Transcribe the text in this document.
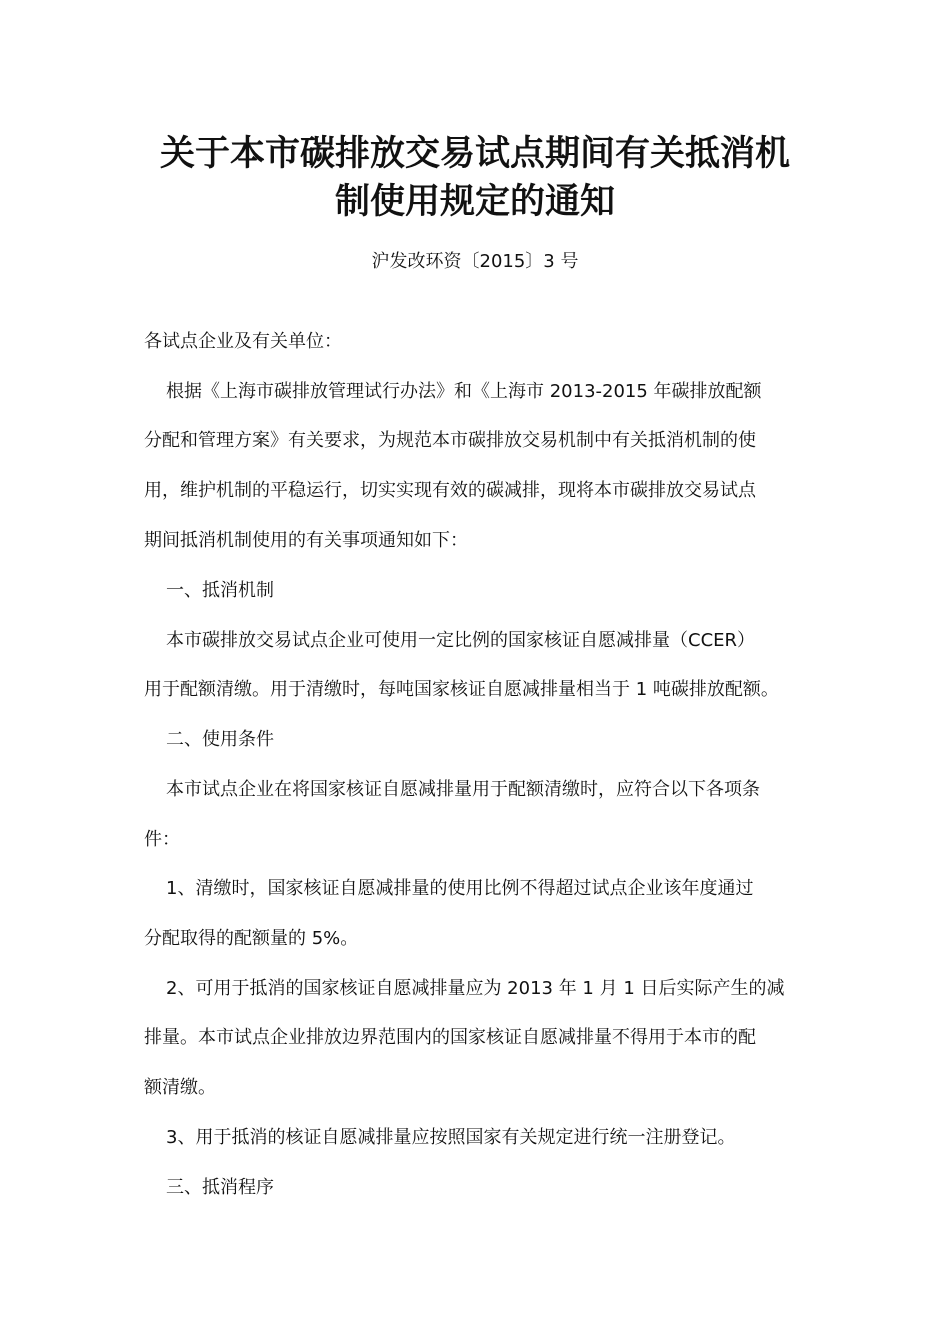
关于本市碳排放交易试点期间有关抵消机
制使用规定的通知
沪发改环资〔2015〕3 号
各试点企业及有关单位：
根据《上海市碳排放管理试行办法》和《上海市 2013-2015 年碳排放配额
分配和管理方案》有关要求，为规范本市碳排放交易机制中有关抵消机制的使
用，维护机制的平稳运行，切实实现有效的碳减排，现将本市碳排放交易试点
期间抵消机制使用的有关事项通知如下：
一、抵消机制
本市碳排放交易试点企业可使用一定比例的国家核证自愿减排量（CCER）
用于配额清缴。用于清缴时，每吨国家核证自愿减排量相当于 1 吨碳排放配额。
二、使用条件
本市试点企业在将国家核证自愿减排量用于配额清缴时，应符合以下各项条
件：
1、清缴时，国家核证自愿减排量的使用比例不得超过试点企业该年度通过
分配取得的配额量的 5%。
2、可用于抵消的国家核证自愿减排量应为 2013 年 1 月 1 日后实际产生的减
排量。本市试点企业排放边界范围内的国家核证自愿减排量不得用于本市的配
额清缴。
3、用于抵消的核证自愿减排量应按照国家有关规定进行统一注册登记。
三、抵消程序
